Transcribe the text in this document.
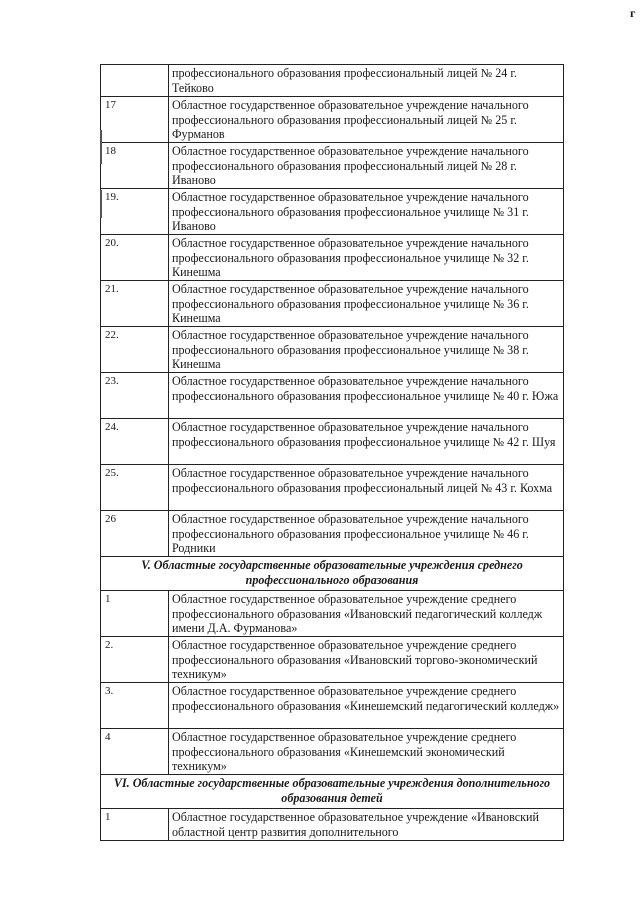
г
	профессионального образования профессиональный лицей № 24 г. Тейково
17	Областное государственное образовательное учреждение начального профессионального образования профессиональный лицей № 25 г. Фурманов
18	Областное государственное образовательное учреждение начального профессионального образования профессиональный лицей № 28 г. Иваново
19.	Областное государственное образовательное учреждение начального профессионального образования профессиональное училище № 31 г. Иваново
20.	Областное государственное образовательное учреждение начального профессионального образования профессиональное училище № 32 г. Кинешма
21.	Областное государственное образовательное учреждение начального профессионального образования профессиональное училище № 36 г. Кинешма
22.	Областное государственное образовательное учреждение начального профессионального образования профессиональное училище № 38 г. Кинешма
23.	Областное государственное образовательное учреждение начального профессионального образования профессиональное училище № 40 г. Южа
24.	Областное государственное образовательное учреждение начального профессионального образования профессиональное училище № 42 г. Шуя
25.	Областное государственное образовательное учреждение начального профессионального образования профессиональный лицей № 43 г. Кохма
26	Областное государственное образовательное учреждение начального профессионального образования профессиональное училище № 46 г. Родники
V. Областные государственные образовательные учреждения среднего профессионального образования	
1	Областное государственное образовательное учреждение среднего профессионального образования «Ивановский педагогический колледж имени Д.А. Фурманова»
2.	Областное государственное образовательное учреждение среднего профессионального образования «Ивановский торгово-экономический техникум»
3.	Областное государственное образовательное учреждение среднего профессионального образования «Кинешемский педагогический колледж»
4	Областное государственное образовательное учреждение среднего профессионального образования «Кинешемский экономический техникум»
VI. Областные государственные образовательные учреждения дополнительного образования детей	
1	Областное государственное образовательное учреждение «Ивановский областной центр развития дополнительного
